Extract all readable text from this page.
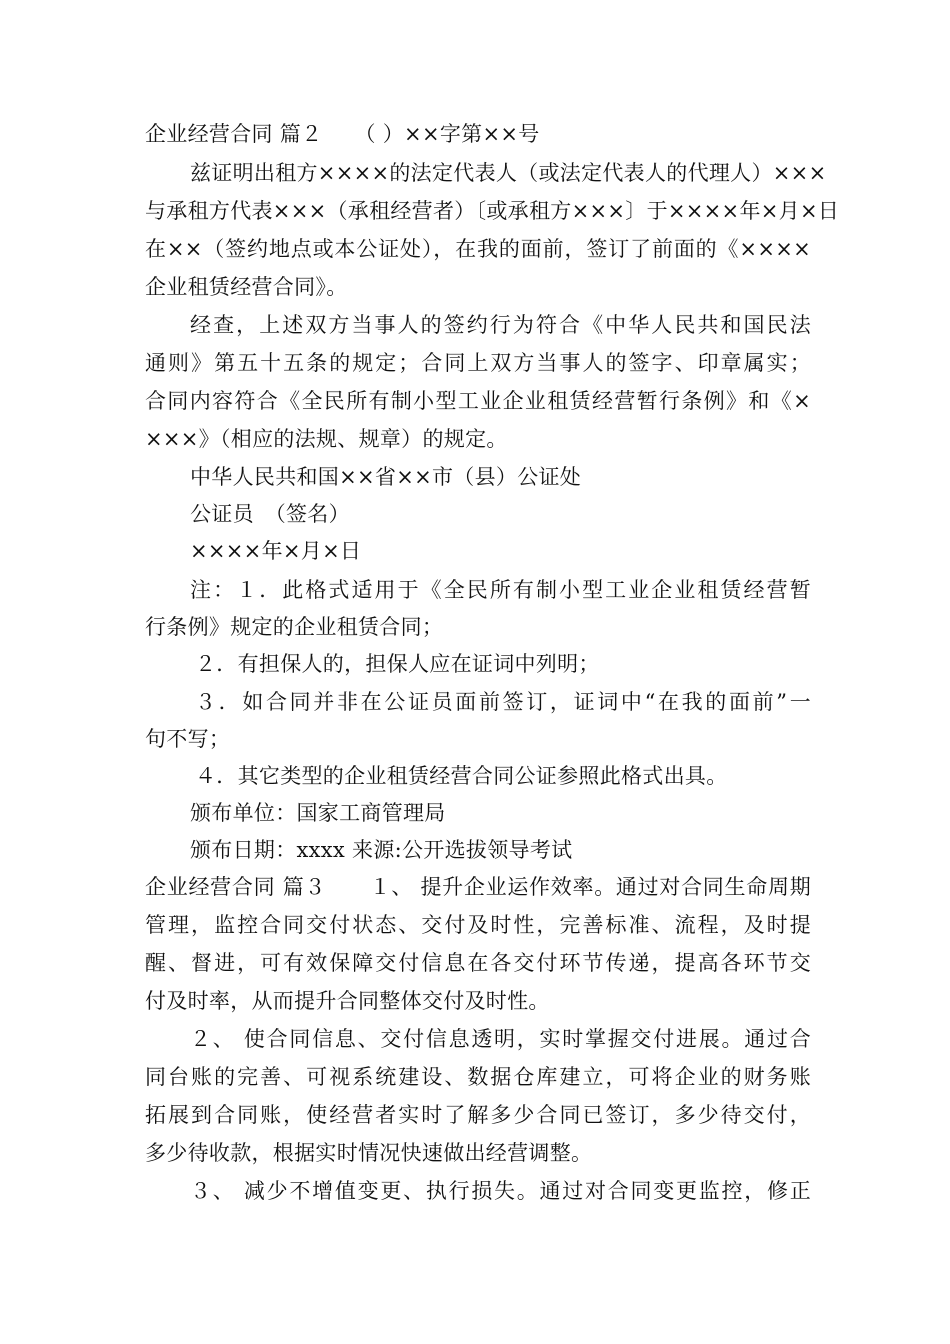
企业经营合同 篇２　　（ ）××字第××号
兹证明出租方××××的法定代表人（或法定代表人的代理人）×××
与承租方代表×××（承租经营者）〔或承租方×××〕于××××年×月×日
在××（签约地点或本公证处），在我的面前，签订了前面的《××××
企业租赁经营合同》。
经查，上述双方当事人的签约行为符合《中华人民共和国民法
通则》第五十五条的规定；合同上双方当事人的签字、印章属实；
合同内容符合《全民所有制小型工业企业租赁经营暂行条例》和《×
×××》（相应的法规、规章）的规定。
中华人民共和国××省××市（县）公证处
公证员　（签名）
××××年×月×日
注：１．此格式适用于《全民所有制小型工业企业租赁经营暂
行条例》规定的企业租赁合同；
２．有担保人的，担保人应在证词中列明；
３．如合同并非在公证员面前签订，证词中“在我的面前”一
句不写；
４．其它类型的企业租赁经营合同公证参照此格式出具。
颁布单位：国家工商管理局
颁布日期：xxxx 来源:公开选拔领导考试
企业经营合同 篇３　　１、 提升企业运作效率。通过对合同生命周期
管理，监控合同交付状态、交付及时性，完善标准、流程，及时提
醒、督进，可有效保障交付信息在各交付环节传递，提高各环节交
付及时率，从而提升合同整体交付及时性。
２、 使合同信息、交付信息透明，实时掌握交付进展。通过合
同台账的完善、可视系统建设、数据仓库建立，可将企业的财务账
拓展到合同账，使经营者实时了解多少合同已签订，多少待交付，
多少待收款，根据实时情况快速做出经营调整。
３、 减少不增值变更、执行损失。通过对合同变更监控，修正
